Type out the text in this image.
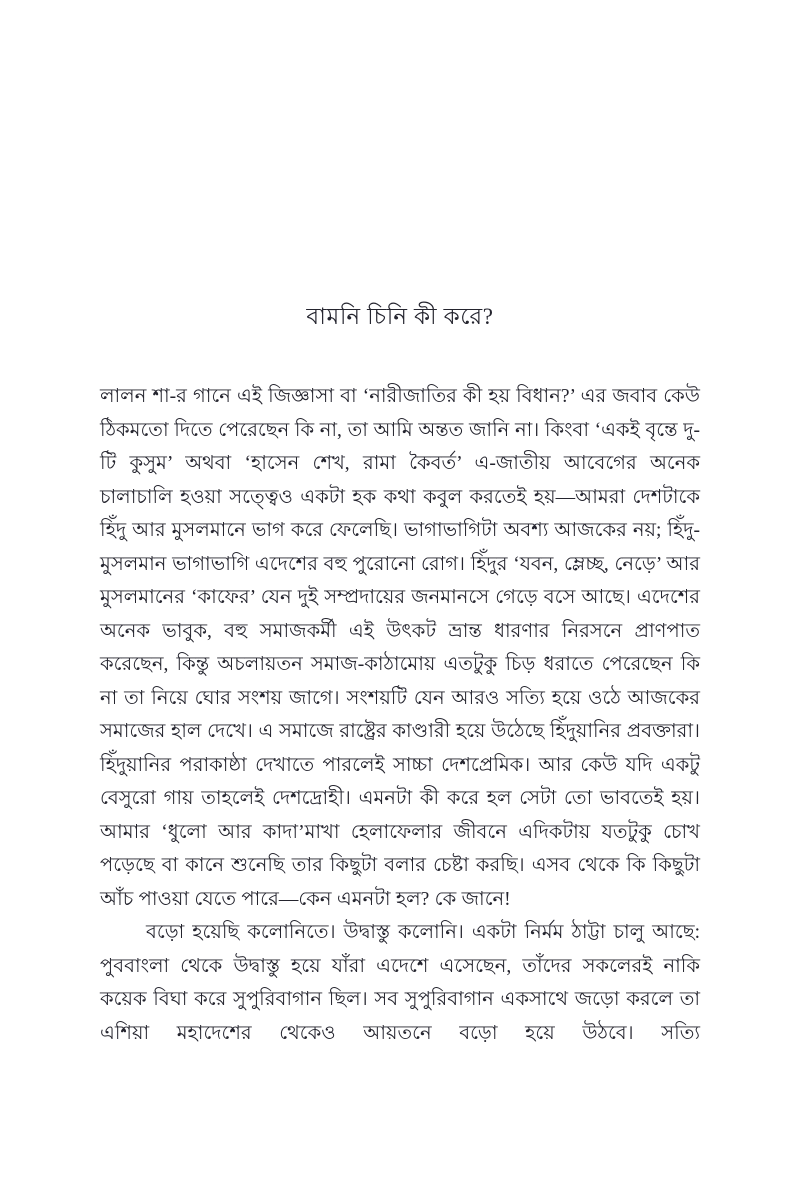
বামনি চিনি কী করে?

লালন শা-র গানে এই জিজ্ঞাসা বা ‘নারীজাতির কী হয় বিধান?’ এর জবাব কেউ ঠিকমতো দিতে পেরেছেন কি না, তা আমি অন্তত জানি না। কিংবা ‘একই বৃন্তে দু-টি কুসুম’ অথবা ‘হাসেন শেখ, রামা কৈবর্ত’ এ-জাতীয় আবেগের অনেক চালাচালি হওয়া সত্ত্বেও একটা হক কথা কবুল করতেই হয়—আমরা দেশটাকে হিঁদু আর মুসলমানে ভাগ করে ফেলেছি। ভাগাভাগিটা অবশ্য আজকের নয়; হিঁদু-মুসলমান ভাগাভাগি এদেশের বহু পুরোনো রোগ। হিঁদুর ‘যবন, ম্লেচ্ছ, নেড়ে’ আর মুসলমানের ‘কাফের’ যেন দুই সম্প্রদায়ের জনমানসে গেড়ে বসে আছে। এদেশের অনেক ভাবুক, বহু সমাজকর্মী এই উৎকট ভ্রান্ত ধারণার নিরসনে প্রাণপাত করেছেন, কিন্তু অচলায়তন সমাজ-কাঠামোয় এতটুকু চিড় ধরাতে পেরেছেন কি না তা নিয়ে ঘোর সংশয় জাগে। সংশয়টি যেন আরও সত্যি হয়ে ওঠে আজকের সমাজের হাল দেখে। এ সমাজে রাষ্ট্রের কাণ্ডারী হয়ে উঠেছে হিঁদুয়ানির প্রবক্তারা। হিঁদুয়ানির পরাকাষ্ঠা দেখাতে পারলেই সাচ্চা দেশপ্রেমিক। আর কেউ যদি একটু বেসুরো গায় তাহলেই দেশদ্রোহী। এমনটা কী করে হল সেটা তো ভাবতেই হয়। আমার ‘ধুলো আর কাদা’মাখা হেলাফেলার জীবনে এদিকটায় যতটুকু চোখ পড়েছে বা কানে শুনেছি তার কিছুটা বলার চেষ্টা করছি। এসব থেকে কি কিছুটা আঁচ পাওয়া যেতে পারে—কেন এমনটা হল? কে জানে!

বড়ো হয়েছি কলোনিতে। উদ্বাস্তু কলোনি। একটা নির্মম ঠাট্টা চালু আছে: পুববাংলা থেকে উদ্বাস্তু হয়ে যাঁরা এদেশে এসেছেন, তাঁদের সকলেরই নাকি কয়েক বিঘা করে সুপুরিবাগান ছিল। সব সুপুরিবাগান একসাথে জড়ো করলে তা এশিয়া মহাদেশের থেকেও আয়তনে বড়ো হয়ে উঠবে। সত্যি
